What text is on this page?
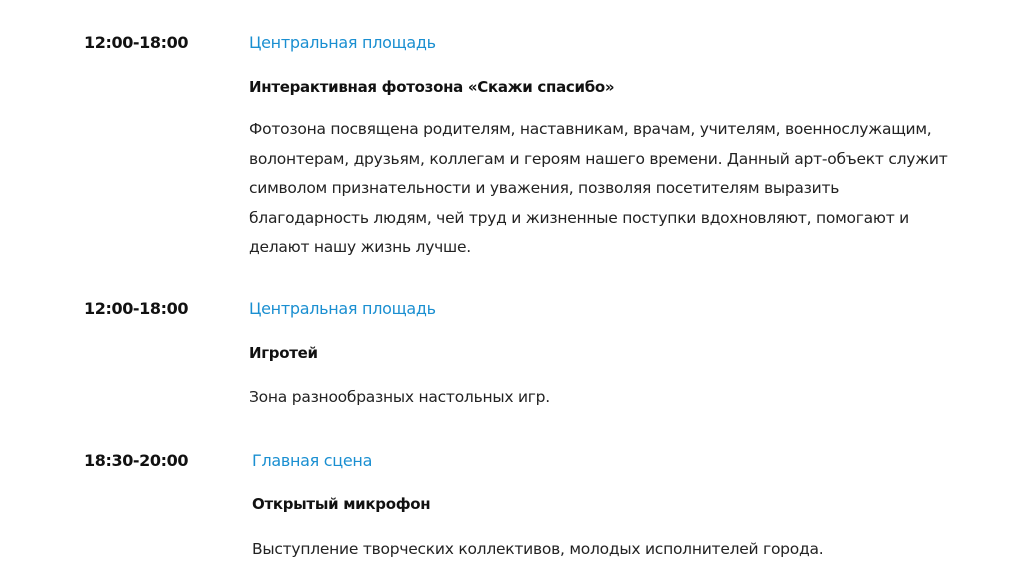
12:00-18:00	Центральная площадь
Интерактивная фотозона «Скажи спасибо»
Фотозона посвящена родителям, наставникам, врачам, учителям, военнослужащим,
волонтерам, друзьям, коллегам и героям нашего времени. Данный арт-объект служит
символом признательности и уважения, позволяя посетителям выразить
благодарность людям, чей труд и жизненные поступки вдохновляют, помогают и
делают нашу жизнь лучше.
12:00-18:00	Центральная площадь
Игротей
Зона разнообразных настольных игр.
18:30-20:00	Главная сцена
Открытый микрофон
Выступление творческих коллективов, молодых исполнителей города.
